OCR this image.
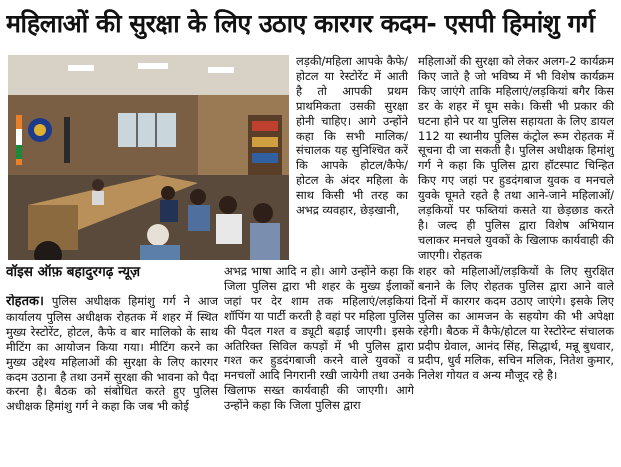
महिलाओं की सुरक्षा के लिए उठाए कारगर कदम- एसपी हिमांशु गर्ग

लड़की/महिला आपके कैफे/होटल या रेस्टोरेंट में आती है तो आपकी प्रथम प्राथमिकता उसकी सुरक्षा होनी चाहिए। आगे उन्होंने कहा कि सभी मालिक/संचालक यह सुनिश्चित करें कि आपके होटल/कैफे/होटल के अंदर महिला के साथ किसी भी तरह का अभद्र व्यवहार, छेड़खानी,

महिलाओं की सुरक्षा को लेकर अलग-2 कार्यक्रम किए जाते है जो भविष्य में भी विशेष कार्यक्रम किए जाएंगे ताकि महिलाएं/लड़कियां बगैर किस डर के शहर में घूम सके। किसी भी प्रकार की घटना होने पर या पुलिस सहायता के लिए डायल 112 या स्थानीय पुलिस कंट्रोल रूम रोहतक में सूचना दी जा सकती है। पुलिस अधीक्षक हिमांशु गर्ग ने कहा कि पुलिस द्वारा हॉटस्पाट चिन्हित किए गए जहां पर हुडदंगबाज युवक व मनचले युवके घूमते रहते है तथा आने-जाने महिलाओं/लड़कियों पर फब्तियां कसते या छेड़छाड करते है। जल्द ही पुलिस द्वारा विशेष अभियान चलाकर मनचले युवकों के खिलाफ कार्यवाही की जाएगी। रोहतक

वॉइस ऑफ़ बहादुरगढ़ न्यूज़

रोहतक। पुलिस अधीक्षक हिमांशु गर्ग ने आज कार्यालय पुलिस अधीक्षक रोहतक में शहर में स्थित मुख्य रेस्टोरेंट, होटल, कैफे व बार मालिको के साथ मीटिंग का आयोजन किया गया। मीटिंग करने का मुख्य उद्देश्य महिलाओं की सुरक्षा के लिए कारगर कदम उठाना है तथा उनमें सुरक्षा की भावना को पैदा करना है। बैठक को संबोधित करते हुए पुलिस अधीक्षक हिमांशु गर्ग ने कहा कि जब भी कोई

अभद्र भाषा आदि न हो। आगे उन्होंने कहा कि जिला पुलिस द्वारा भी शहर के मुख्य ईलाकों जहां पर देर शाम तक महिलाएं/लड़कियां शॉपिंग या पार्टी करती है वहां पर महिला पुलिस की पैदल गश्त व ड्यूटी बढ़ाई जाएगी। इसके अतिरिक्त सिविल कपड़ों में भी पुलिस द्वारा गश्त कर हुडदंगबाजी करने वाले युवकों व मनचलों आदि निगरानी रखी जायेगी तथा उनके खिलाफ सख्त कार्यवाही की जाएगी। आगे उन्होंने कहा कि जिला पुलिस द्वारा

शहर को महिलाओं/लड़कियों के लिए सुरक्षित बनाने के लिए रोहतक पुलिस द्वारा आने वाले दिनों में कारगर कदम उठाए जाएंगे। इसके लिए पुलिस का आमजन के सहयोग की भी अपेक्षा रहेगी। बैठक में कैफे/होटल या रेस्टोरेन्ट संचालक प्रदीप ग्रेवाल, आनंद सिंह, सिद्धार्थ, मन्नू बुधवार, प्रदीप, धुर्व मलिक, सचिन मलिक, नितेश कुमार, निलेश गोयत व अन्य मौजूद रहे है।
